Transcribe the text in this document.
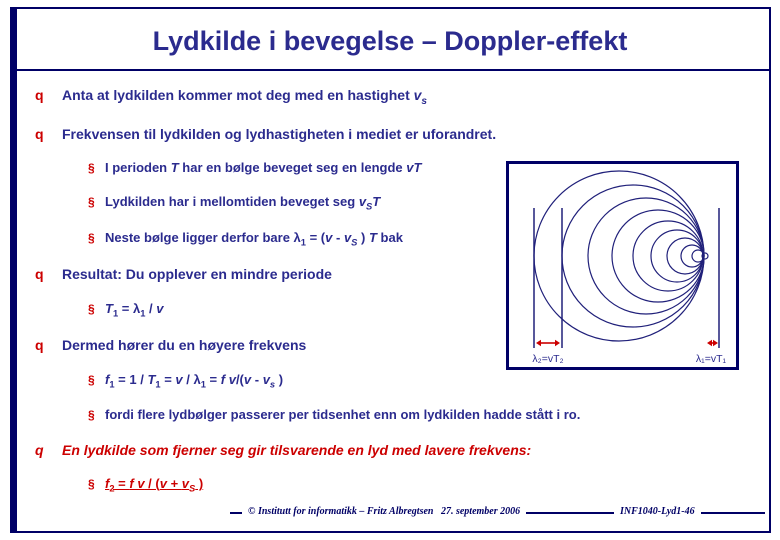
Lydkilde i bevegelse – Doppler-effekt
q	Anta at lydkilden kommer mot deg med en hastighet $v_s$
q	Frekvensen til lydkilden og lydhastigheten i mediet er uforandret.
§ I perioden T har en bølge beveget seg en lengde vT
§ Lydkilden har i mellomtiden beveget seg $v_ST$
§ Neste bølge ligger derfor bare $\lambda_1 = (v - v_S$ ) T bak
q	Resultat: Du opplever en mindre periode
§ $T_1 = \lambda_1 / v$
q	Dermed hører du en høyere frekvens
§ $f_1 = 1 / T_1 = v / \lambda_1 = f$ $v/(v - v_s$ )
§ fordi flere lydbølger passerer per tidsenhet enn om lydkilden hadde stått i ro.
q	En lydkilde som fjerner seg gir tilsvarende en lyd med lavere frekvens:
§ $f_2 = f$ $v / (v + v_S$ )
λ₂=vT₂	λ₁=vT₁
© Institutt for informatikk – Fritz Albregtsen   27. september 2006	INF1040-Lyd1-46
